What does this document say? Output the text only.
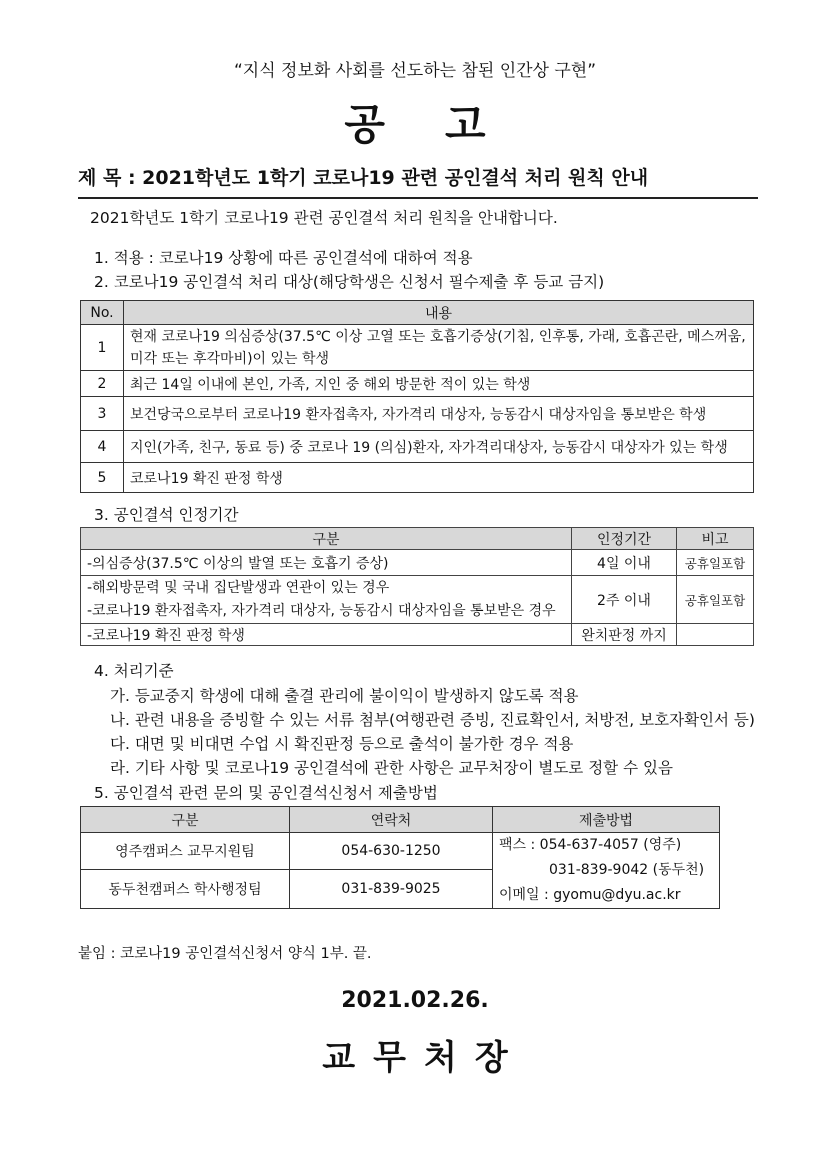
“지식 정보화 사회를 선도하는 참된 인간상 구현”
공고
제 목 : 2021학년도 1학기 코로나19 관련 공인결석 처리 원칙 안내
2021학년도 1학기 코로나19 관련 공인결석 처리 원칙을 안내합니다.
1. 적용 : 코로나19 상황에 따른 공인결석에 대하여 적용
2. 코로나19 공인결석 처리 대상(해당학생은 신청서 필수제출 후 등교 금지)
No.	내용
1	현재 코로나19 의심증상(37.5℃ 이상 고열 또는 호흡기증상(기침, 인후통, 가래, 호흡곤란, 메스꺼움, 미각 또는 후각마비)이 있는 학생
2	최근 14일 이내에 본인, 가족, 지인 중 해외 방문한 적이 있는 학생
3	보건당국으로부터 코로나19 환자접촉자, 자가격리 대상자, 능동감시 대상자임을 통보받은 학생
4	지인(가족, 친구, 동료 등) 중 코로나 19 (의심)환자, 자가격리대상자, 능동감시 대상자가 있는 학생
5	코로나19 확진 판정 학생
3. 공인결석 인정기간
구분	인정기간	비고
-의심증상(37.5℃ 이상의 발열 또는 호흡기 증상)	4일 이내	공휴일포함

-해외방문력 및 국내 집단발생과 연관이 있는 경우
-코로나19 환자접촉자, 자가격리 대상자, 능동감시 대상자임을 통보받은 경우	2주 이내	공휴일포함
-코로나19 확진 판정 학생	완치판정 까지	
4. 처리기준
가. 등교중지 학생에 대해 출결 관리에 불이익이 발생하지 않도록 적용
나. 관련 내용을 증빙할 수 있는 서류 첨부(여행관련 증빙, 진료확인서, 처방전, 보호자확인서 등)
다. 대면 및 비대면 수업 시 확진판정 등으로 출석이 불가한 경우 적용
라. 기타 사항 및 코로나19 공인결석에 관한 사항은 교무처장이 별도로 정할 수 있음
5. 공인결석 관련 문의 및 공인결석신청서 제출방법
구분	연락처	제출방법
영주캠퍼스 교무지원팀	054-630-1250	팩스 : 054-637-4057 (영주)
031-839-9042 (동두천)
이메일 : gyomu@dyu.ac.kr

동두천캠퍼스 학사행정팀	031-839-9025	
붙임 : 코로나19 공인결석신청서 양식 1부. 끝.
2021.02.26.
교무처장
